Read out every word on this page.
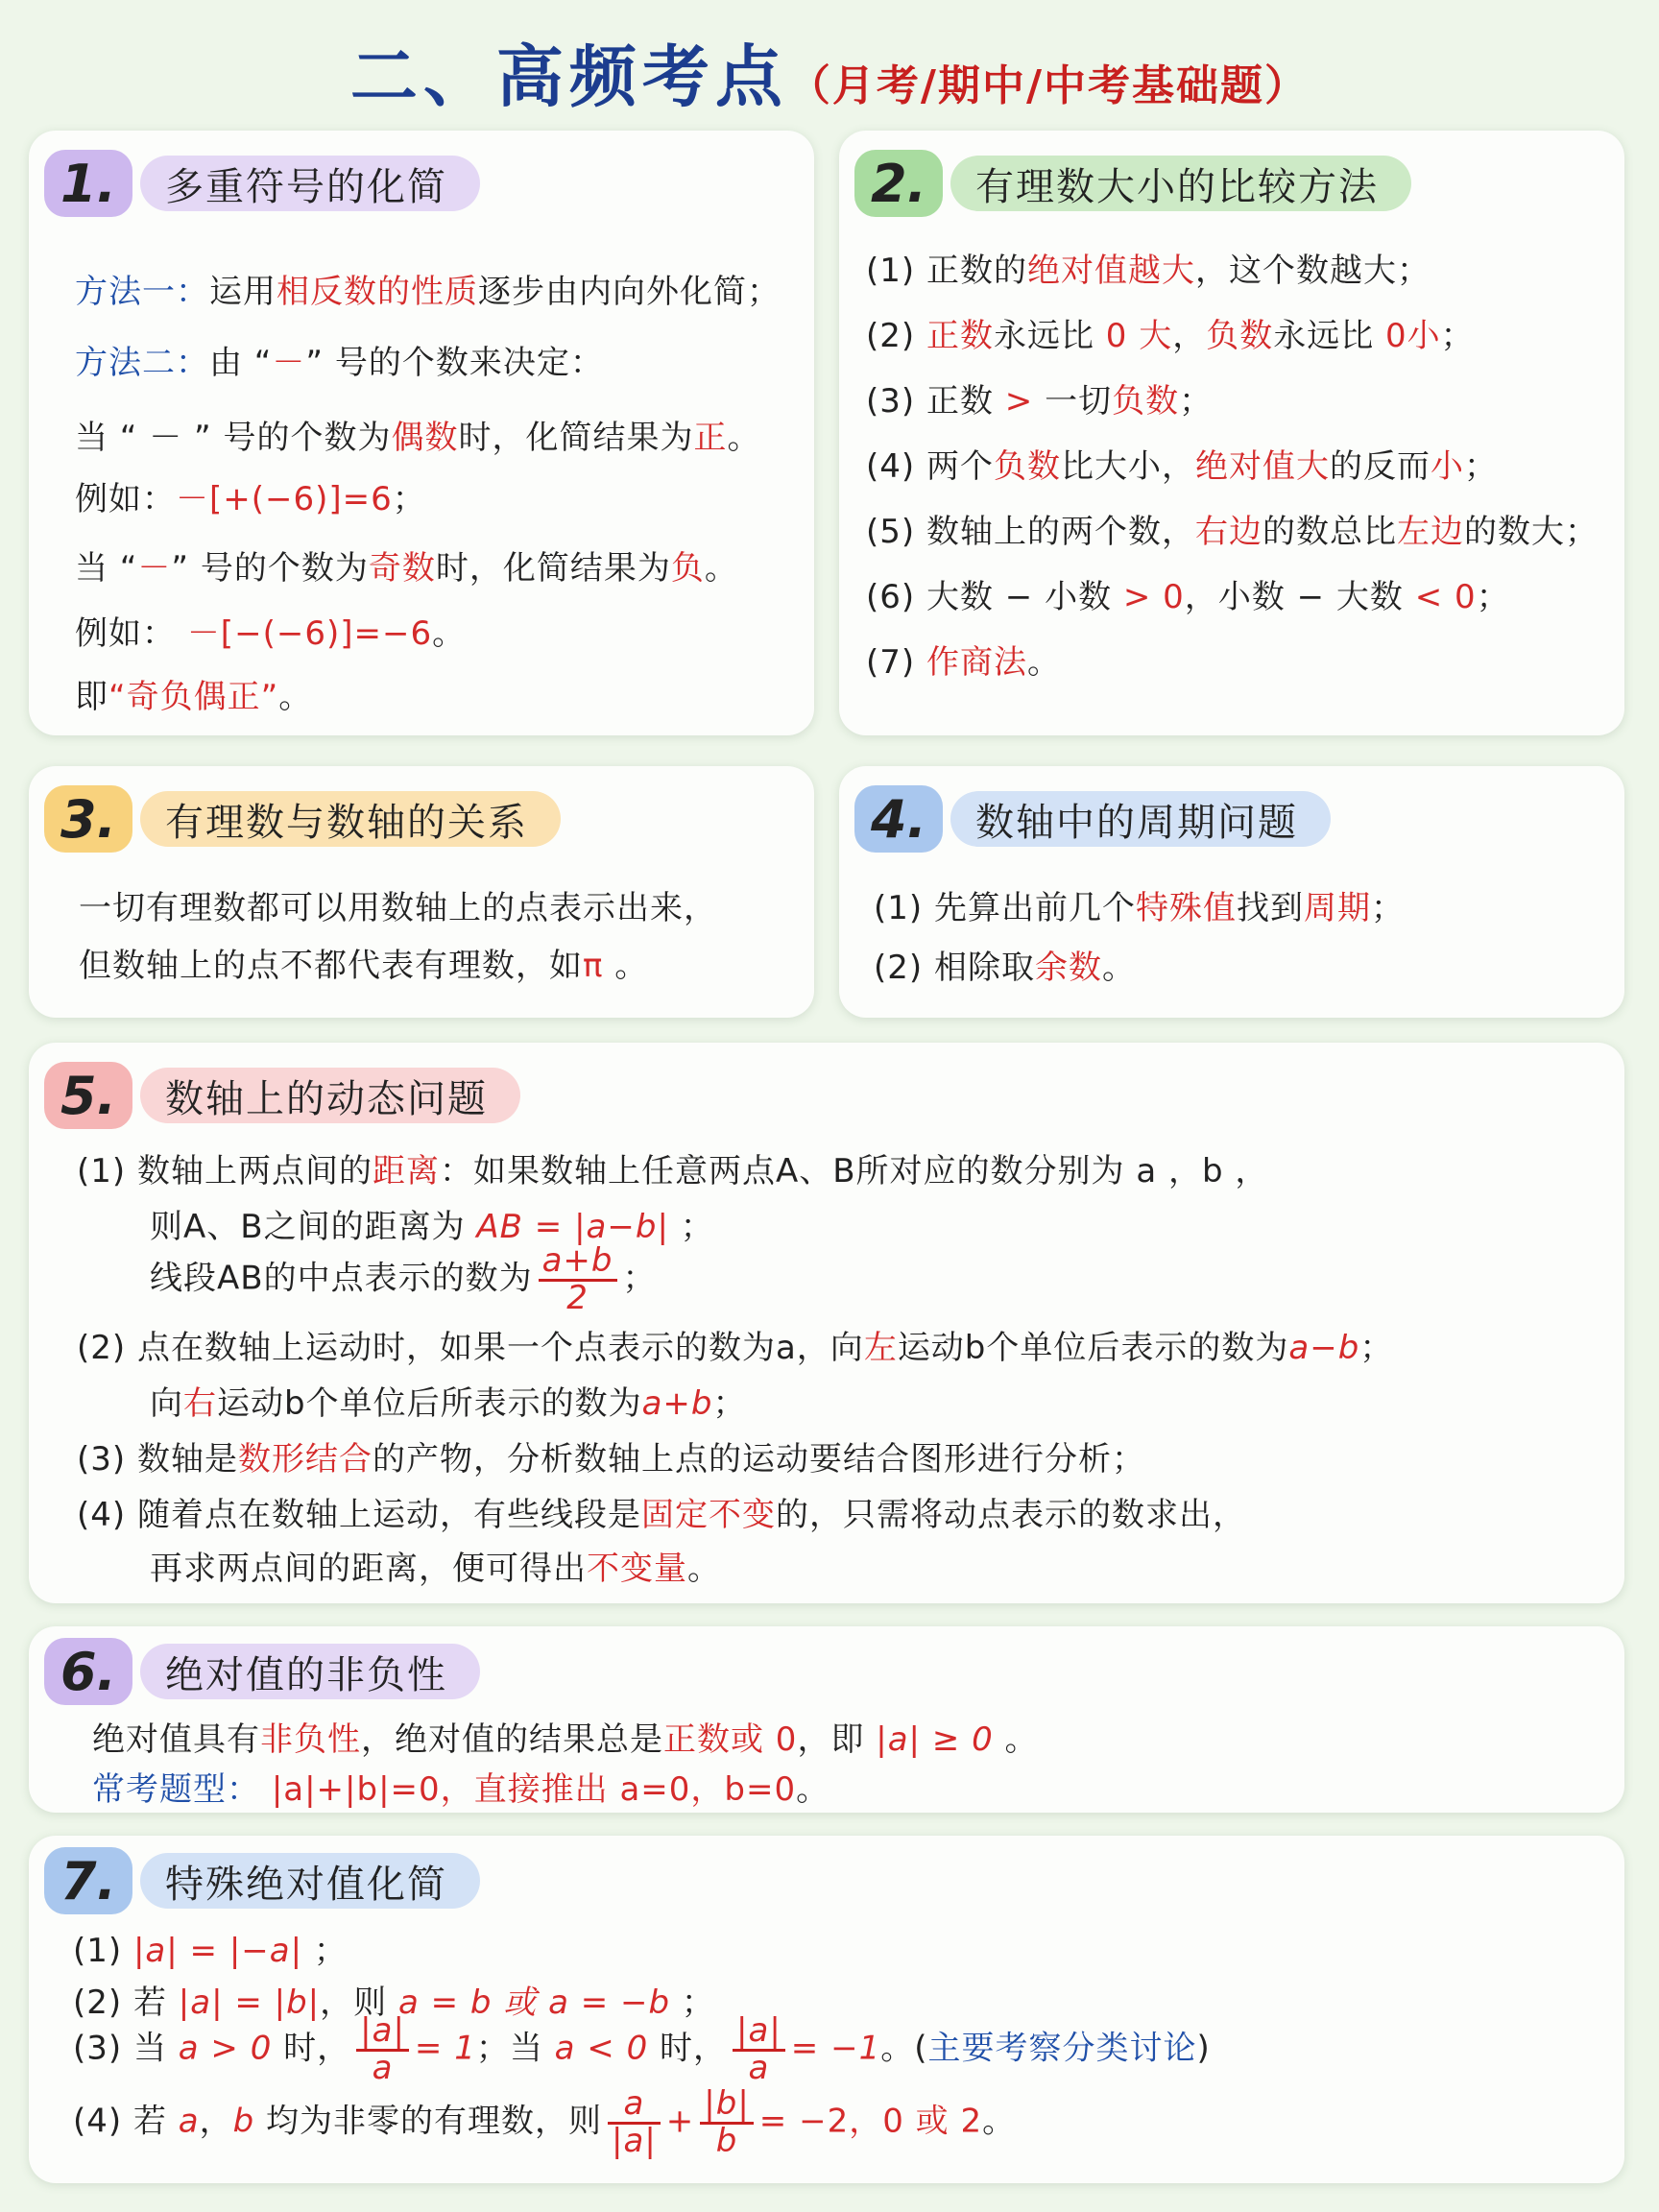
二、高频考点（月考/期中/中考基础题）
1.	多重符号的化简
方法一：运用相反数的性质逐步由内向外化简；
方法二：由 “－” 号的个数来决定：
当 “ － ” 号的个数为偶数时，化简结果为正。
例如：－[+(−6)]=6；
当 “－” 号的个数为奇数时，化简结果为负。
例如： －[−(−6)]=−6。
即“奇负偶正”。
2.	有理数大小的比较方法
(1) 正数的绝对值越大，这个数越大；
(2) 正数永远比 0 大，负数永远比 0小；
(3) 正数 > 一切负数；
(4) 两个负数比大小，绝对值大的反而小；
(5) 数轴上的两个数，右边的数总比左边的数大；
(6) 大数 − 小数 > 0，小数 − 大数 < 0；
(7) 作商法。
3.	有理数与数轴的关系
一切有理数都可以用数轴上的点表示出来，
但数轴上的点不都代表有理数，如π 。
4.	数轴中的周期问题
(1) 先算出前几个特殊值找到周期；
(2) 相除取余数。
5.	数轴上的动态问题
(1) 数轴上两点间的距离：如果数轴上任意两点A、B所对应的数分别为 a ，b ，
则A、B之间的距离为 AB = |a−b| ；
线段AB的中点表示的数为 $\frac{a+b}{2}$ ；
(2) 点在数轴上运动时，如果一个点表示的数为a，向左运动b个单位后表示的数为a−b；
向右运动b个单位后所表示的数为a+b；
(3) 数轴是数形结合的产物，分析数轴上点的运动要结合图形进行分析；
(4) 随着点在数轴上运动，有些线段是固定不变的，只需将动点表示的数求出，
再求两点间的距离，便可得出不变量。
6.	绝对值的非负性
绝对值具有非负性，绝对值的结果总是正数或 0，即 |a| ≥ 0 。
常考题型： |a|+|b|=0，直接推出 a=0，b=0。
7.	特殊绝对值化简
(1) |a| = |−a| ；
(2) 若 |a| = |b|，则 a = b 或 a = −b ；
(3) 当 a > 0 时， $\frac{|a|}{a} = 1$；当 a < 0 时， $\frac{|a|}{a} = -1$。(主要考察分类讨论)
(4) 若 a，b 均为非零的有理数，则 $\frac{a}{|a|} + \frac{|b|}{b} = -2$，0 或 2。
